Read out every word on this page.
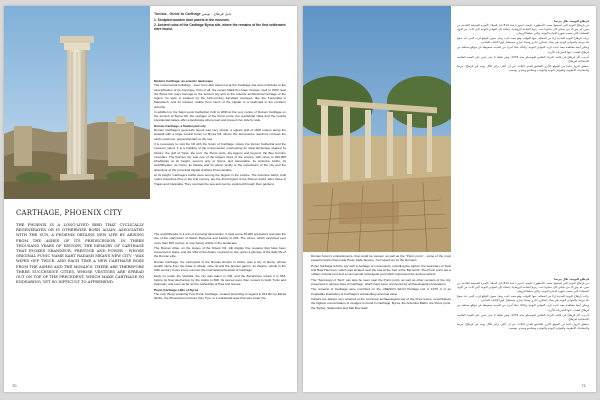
Tunisia - Guide to Carthage دليل قرطاج - تونس
1. Sculpted wooden door panels in the museum.
2. Ancient ruins of the Carthage Byrsa site, where the remains of the first settlement were found.
CARTHAGE, PHOENIX CITY
THE PHOENIX IS A LONG-LIVED BIRD THAT CYCLICALLY REGENERATES OR IS OTHERWISE BORN AGAIN. ASSOCIATED WITH THE SUN, A PHOENIX OBTAINS NEW LIFE BY ARISING FROM THE ASHES OF ITS PREDECESSOR. IN THREE THOUSAND YEARS OF HISTORY, THE MEMORY OF CARTHAGE THAT EVOKES GRANDEUR, PRESTIGE AND POWER - WHOSE ORIGINAL PUNIC NAME KART HADASH MEANS NEW CITY - WAS WIPED OFF TWICE, AND EACH TIME A NEW CARTHAGE ROSE FROM THE ASHES AND THE MOSAICS. THERE ARE THEREFORE THREE SUCCESSIVE CITIES, WHOSE VESTIGES ARE SPREAD OUT ON TOP OF THE PRECEDENT, WHICH MAKE CARTHAGE SO ENDEARING, YET SO DIFFICULT TO APPREHEND.

Modern Carthage, an eclectic landscape

The monumental buildings - seen from afar stand out at the Carthage site and contribute to the diversification of its cityscape. First of all, the recent Malik Ibn Anas mosque, built in 2003 near the Byrsa hill, pays homage to the ancient city and to the eclectic architectural heritage of the region. Its style is inspired by the 11th-century Almohad mosques, like the Koutoubia in Marrakech, and its minaret, visible from much of the capital, is a landmark in the northern suburbs.

In addition to the Saint Louis Cathedral, built in 1890 at the very centre of Roman Carthage on the summit of Byrsa hill, the vestiges of the Punic ports, the residential villas and the nearby presidential palace offer a landscape where past and present live side by side.

Roman Carthage, a flamboyant city

Roman Carthage's geometric layout was very simple: a square grid of 1600 metres along the seawall with a large central forum on Byrsa hill, where the decumanus maximus crossed the cardo maximus, perpendicularly to the sea.

It is necessary to visit the hill with the forum of Carthage, where the former Cathedral and the museum stand. It is a building of the monumental, overlooking an ideal landscape shaped by history: the gulf of Tunis, the port, the Punic ports, the lagoon and beyond, the Bou Kornine mountain. The Roman city was one of the largest cities of the empire, with close to 300,000 inhabitants at its height, second only to Rome and Alexandria. Its Antonine baths, its amphitheatre, its circus, its theatre and its odeon testify to the importance of the city and the splendour of the provincial capital of Africa Proconsularis.

At its height, Carthage's baths were among the largest in the empire. The Antonine baths, built under Antoninus Pius in the 2nd century, are the third largest of the Roman world, after those of Trajan and Caracalla. They overlook the sea and can be explored through their gardens.

The amphitheatre is a ruin of imposing dimensions. It held some 30,000 spectators and was the site of the martyrdom of Saints Perpetua and Felicity in 203. The circus, which stretched over more than 500 metres, is now barely visible in the landscape.

The Roman villas, on the slopes of the Odeon hill, still display fine mosaics that have been preserved in place, and the Villa of the Aviary, restored on site, gives a glimpse of the daily life of the Roman elite.

Roman Carthage, the metropolis of the Roman Empire in Africa, was a city of plenty, whose wealth came from the trade in wheat, olive oil and the famous garum. Its theatre, rebuilt in the 20th century, hosts every summer the International Festival of Carthage.

Early on under the Vandals, the city was taken in 439, and the Byzantines retook it in 533, before its final destruction by the Arabs in 698. Its stones were then reused to build Tunis and Kairouan, and even as far as the cathedrals of Pisa and Genoa.

Punic Carthage, Hills of Byrsa

The only thing remaining from Punic Carthage, created according to legend in 814 BC by Elissa (Dido), the Phoenician princess from Tyre, is a residential area that was under the

70

قرطاج البونية، تلال بيرصا

من قرطاج البونية التي أسستها حسب الأسطورة عليسة (ديدون) سنة 814 قبل الميلاد، الأميرة الفينيقية القادمة من صور، لم يبق إلا حي سكني كان مدفونا تحت ردوم الساحة الرومانية، إضافة إلى الموانئ البونية التي كانت من أقوى المنشآت التي صنعت شهرة التجارة البونية، والتي محاها الرومان.

تركت قرطاج البونية للمدينة إرثا من المعالم، منها التوفيت وهو معبد تانيت وبعل حمون الواقع قرب البحر عند سفح تلة بيرصا. والموانئ البونية هي ميناء عسكري دائري وميناء تجاري مستطيل أبهرا الكتاب القدامى.

ويمكن أيضا مشاهدة معبد تانيت قرب الموانئ البونية، وكذلك بقايا أخرى من المدينة محفوظة في مواقع مختلفة من قرطاج كشفت عنها الحفريات الأثرية.

أدرجت آثار قرطاج في قائمة التراث العالمي لليونسكو سنة 1979، وهي شاهد لا يقدر بثمن على القيمة العالمية الاستثنائية لقرطاج.

يندهش الزوار دائما من الموقع الأثري الشاسع للمدن الثلاث، غير أن أعلى تركيز للآثار يوجد في قرطاج: بيرصا والحمامات الأنطونية والموانئ البونية والتوفيت وصلامبو وسيدي بوسعيد.

Roman forum's embankments, that could be viewed, as well as the "Punic ports" - some of the most powerful works that made Punic trade famous - but wiped out by the Romans.

Punic Carthage left the city with a heritage of monuments, including the tophet, the sanctuary of Tanit and Baal Hammon, which was located near the sea at the foot of the Byrsa hill. The Punic ports are a military circular port and a commercial rectangular port which impressed the ancient writers.

The "Sanctuary of Tanit" can also be seen near the Punic ports, as well as other remains of the city, preserved in various sites of Carthage, which have been uncovered by archaeological excavations.

The remains of Carthage were inscribed on the UNESCO World Heritage List in 1979. It is an invaluable illustration of Carthage's outstanding universal value.

Visitors are always very amazed at the immense archaeological site of the three towns, nevertheless the highest concentration of vestiges is found in Carthage: Byrsa, the Antonine Baths, the Punic ports, the Tophet, Salammbô and Sidi Bou Said.

قرطاج البونية، تلال بيرصا

من قرطاج البونية التي أسستها حسب الأسطورة عليسة (ديدون) سنة 814 قبل الميلاد، الأميرة الفينيقية القادمة من صور، لم يبق إلا حي سكني كان مدفونا تحت ردوم الساحة الرومانية، إضافة إلى الموانئ البونية التي كانت من أقوى المنشآت التي صنعت شهرة التجارة البونية، والتي محاها الرومان.

تركت قرطاج البونية للمدينة إرثا من المعالم، منها التوفيت وهو معبد تانيت وبعل حمون الواقع قرب البحر عند سفح تلة بيرصا. والموانئ البونية هي ميناء عسكري دائري وميناء تجاري مستطيل أبهرا الكتاب القدامى.

ويمكن أيضا مشاهدة معبد تانيت قرب الموانئ البونية، وكذلك بقايا أخرى من المدينة محفوظة في مواقع مختلفة من قرطاج كشفت عنها الحفريات الأثرية.

أدرجت آثار قرطاج في قائمة التراث العالمي لليونسكو سنة 1979، وهي شاهد لا يقدر بثمن على القيمة العالمية الاستثنائية لقرطاج.

يندهش الزوار دائما من الموقع الأثري الشاسع للمدن الثلاث، غير أن أعلى تركيز للآثار يوجد في قرطاج: بيرصا والحمامات الأنطونية والموانئ البونية والتوفيت وصلامبو وسيدي بوسعيد.

71
